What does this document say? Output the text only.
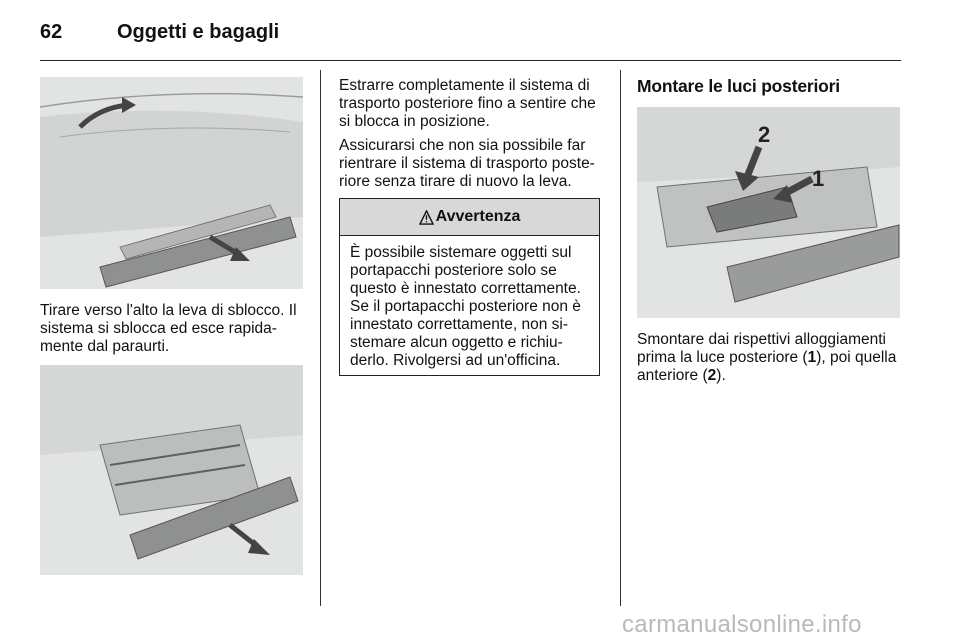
62	Oggetti e bagagli

Tirare verso l'alto la leva di sblocco. Il sistema si sblocca ed esce rapida-mente dal paraurti.

Estrarre completamente il sistema di trasporto posteriore fino a sentire che si blocca in posizione.

Assicurarsi che non sia possibile far rientrare il sistema di trasporto poste-riore senza tirare di nuovo la leva.

Avvertenza
È possibile sistemare oggetti sul portapacchi posteriore solo se questo è innestato correttamente. Se il portapacchi posteriore non è innestato correttamente, non si-stemare alcun oggetto e richiu-derlo. Rivolgersi ad un'officina.
Montare le luci posteriori
2
1

Smontare dai rispettivi alloggiamenti prima la luce posteriore (1), poi quella anteriore (2).

carmanualsonline.info
